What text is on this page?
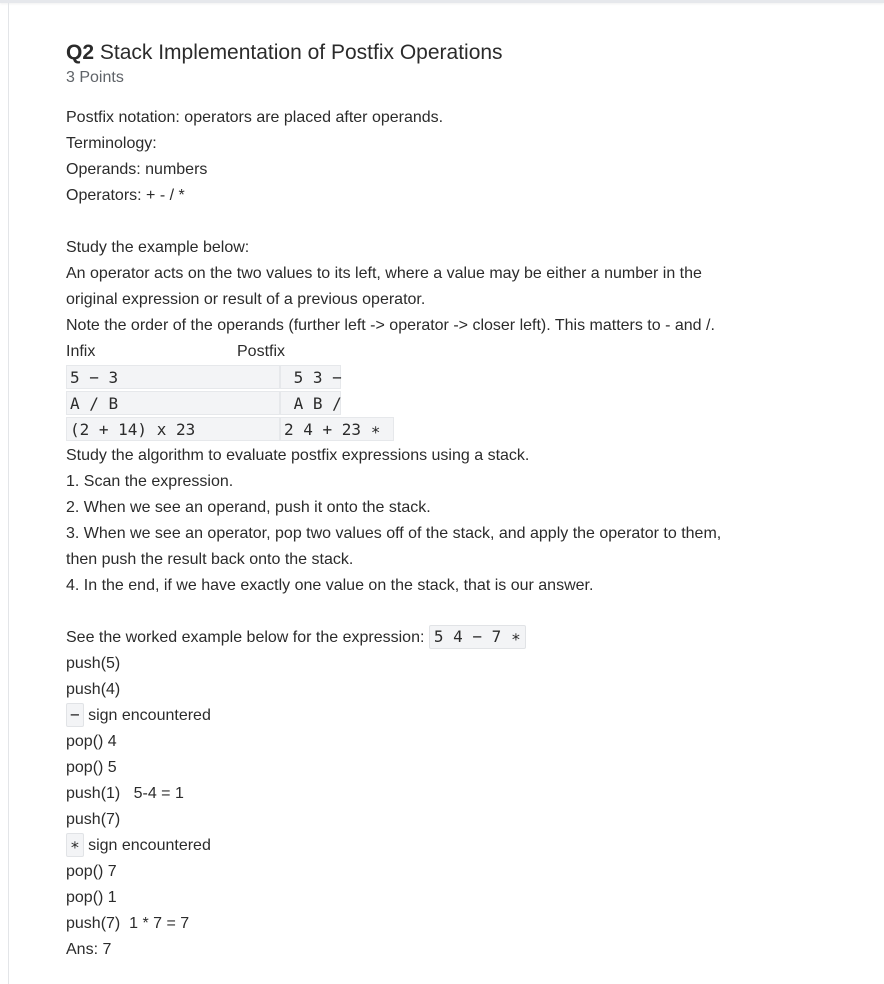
Q2 Stack Implementation of Postfix Operations
3 Points
Postfix notation: operators are placed after operands.
Terminology:
Operands: numbers
Operators: + - / *
Study the example below:
An operator acts on the two values to its left, where a value may be either a number in the
original expression or result of a previous operator.
Note the order of the operands (further left -> operator -> closer left). This matters to - and /.
Infix	Postfix
5 − 3	5 3 −
A / B	A B /
(2 + 14) x 23	2 4 + 23 ∗
Study the algorithm to evaluate postfix expressions using a stack.
1. Scan the expression.
2. When we see an operand, push it onto the stack.
3. When we see an operator, pop two values off of the stack, and apply the operator to them,
then push the result back onto the stack.
4. In the end, if we have exactly one value on the stack, that is our answer.
See the worked example below for the expression: 5 4 − 7 ∗
push(5)
push(4)
− sign encountered
pop() 4
pop() 5
push(1)   5-4 = 1
push(7)
∗ sign encountered
pop() 7
pop() 1
push(7)  1 * 7 = 7
Ans: 7
